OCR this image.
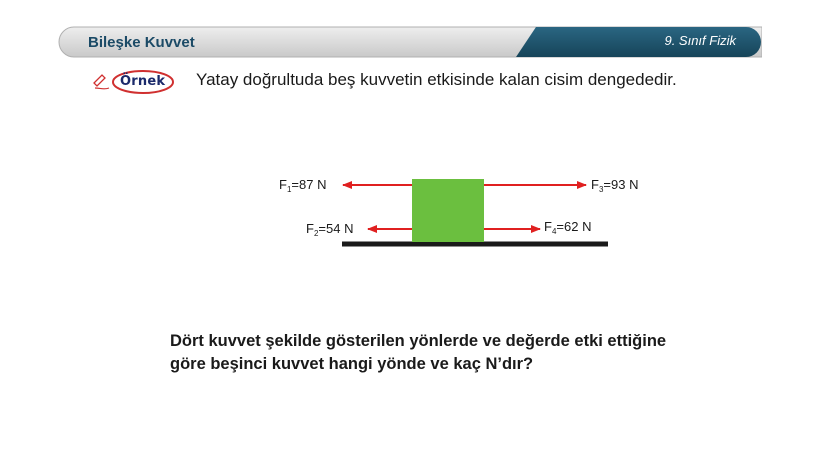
Bileşke Kuvvet	9. Sınıf Fizik
Örnek Yatay doğrultuda beş kuvvetin etkisinde kalan cisim dengededir.
$F_1=87$ N
$F_2=54$ N
$F_3=93$ N
$F_4=62$ N
Dört kuvvet şekilde gösterilen yönlerde ve değerde etki ettiğine
göre beşinci kuvvet hangi yönde ve kaç N’dır?
